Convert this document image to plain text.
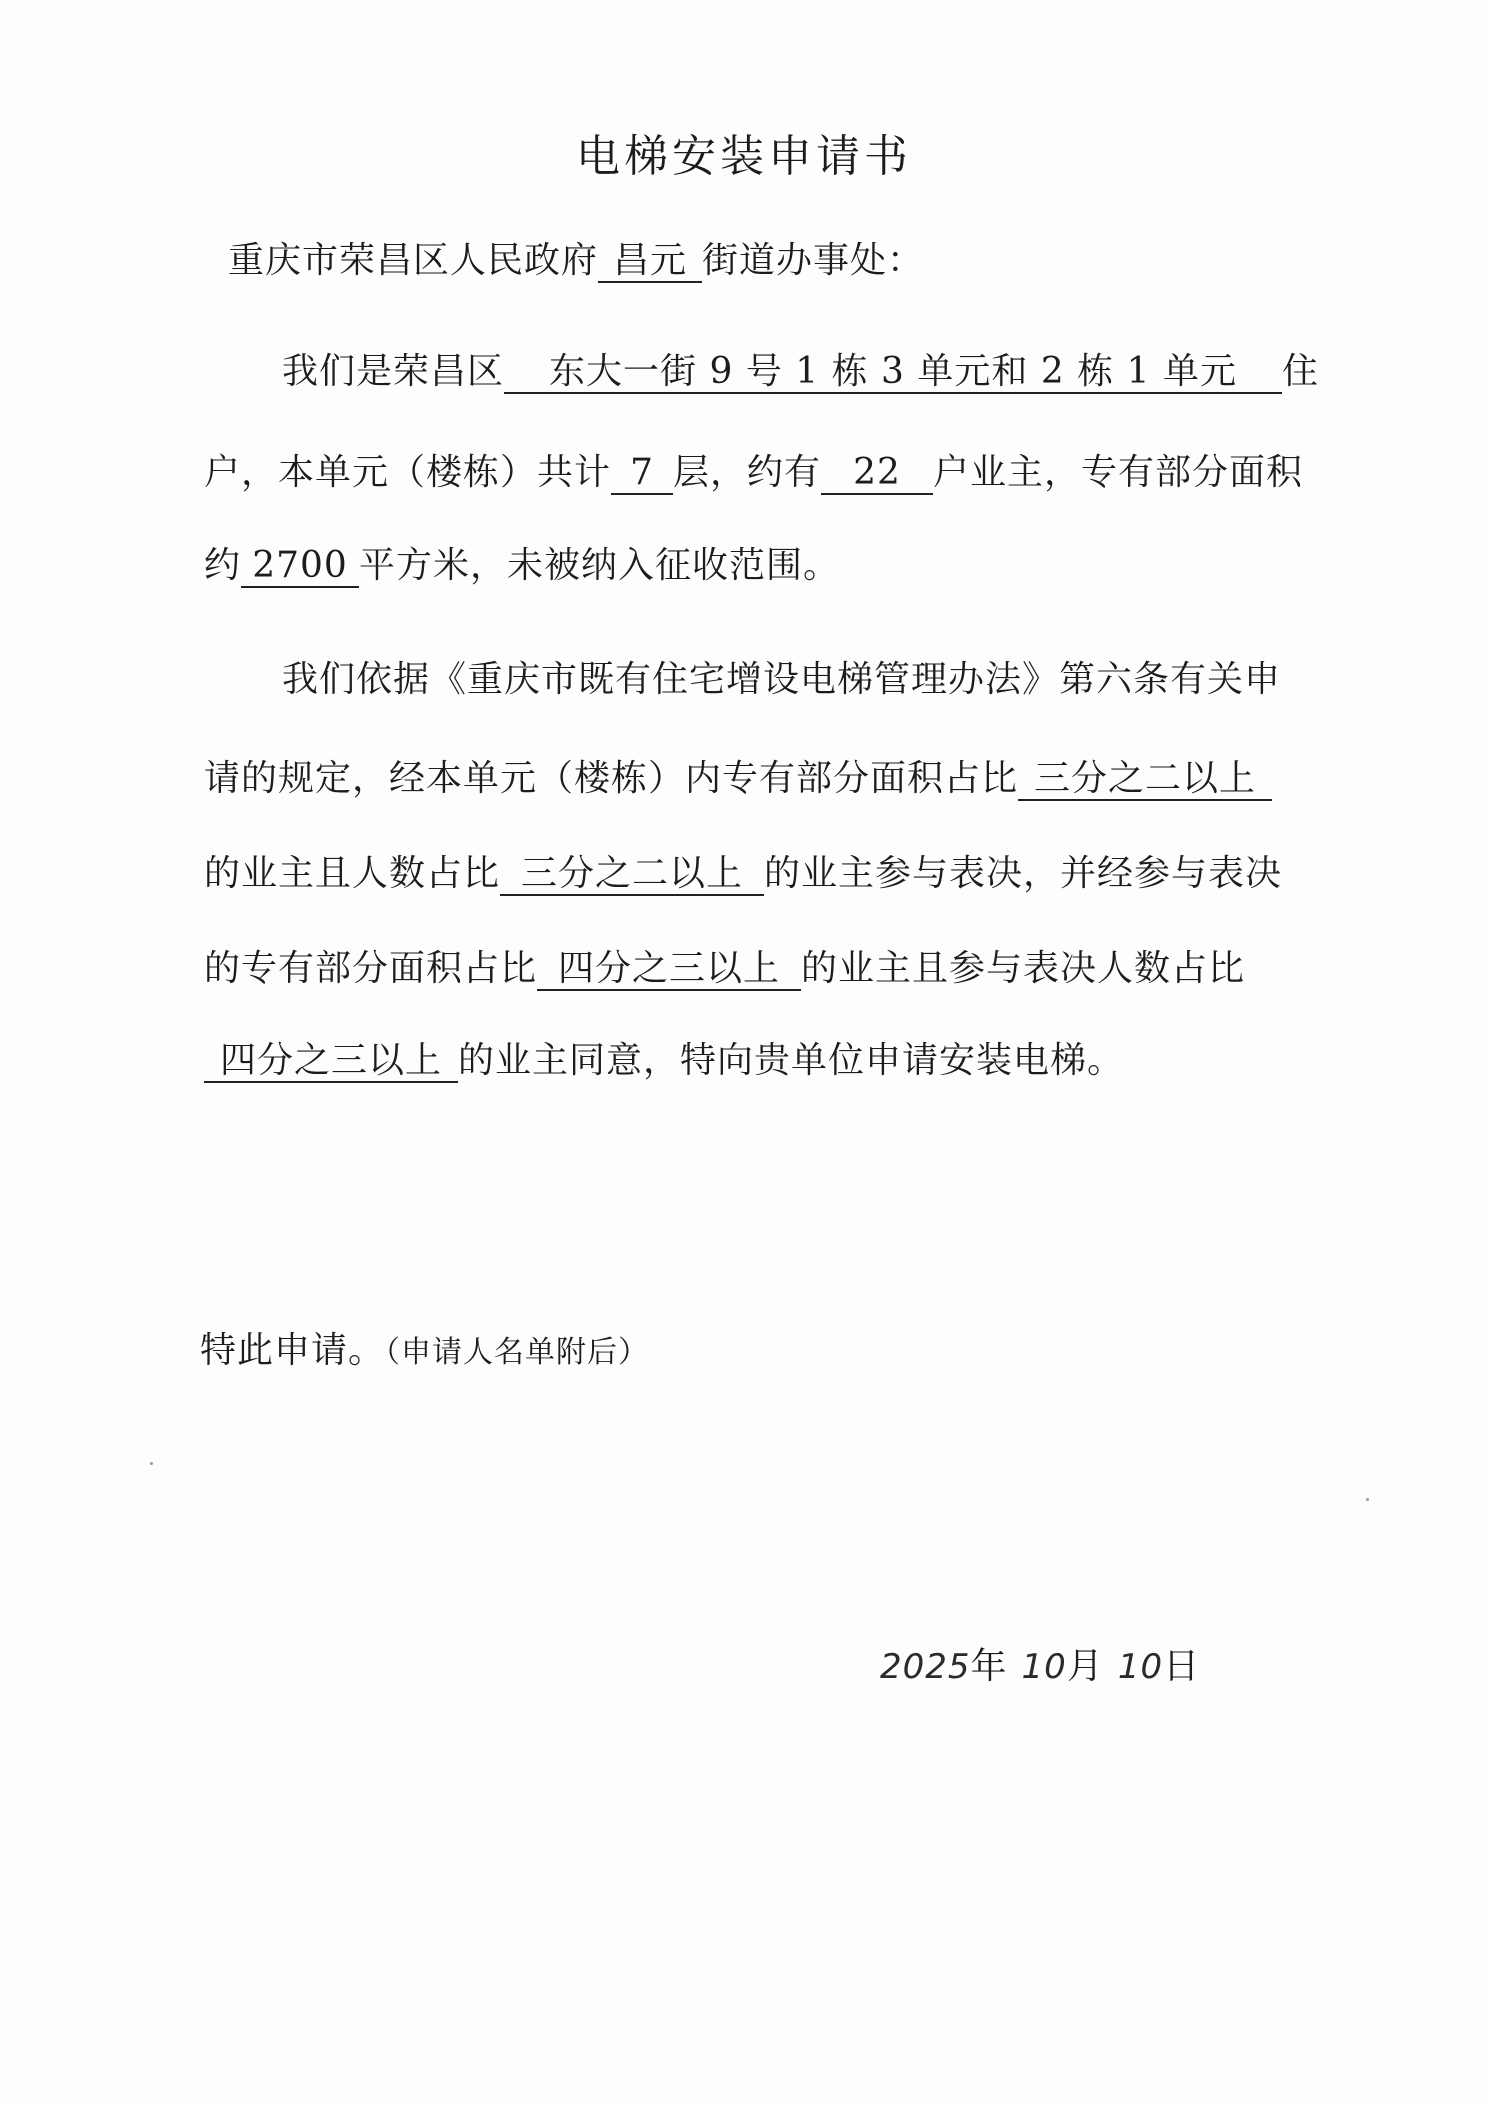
电梯安装申请书
重庆市荣昌区人民政府 昌元 街道办事处：
我们是荣昌区 东大一街 9 号 1 栋 3 单元和 2 栋 1 单元 住
户，本单元（楼栋）共计 7 层，约有 22 户业主，专有部分面积
约 2700 平方米，未被纳入征收范围。
我们依据《重庆市既有住宅增设电梯管理办法》第六条有关申
请的规定，经本单元（楼栋）内专有部分面积占比 三分之二以上
的业主且人数占比 三分之二以上 的业主参与表决，并经参与表决
的专有部分面积占比 四分之三以上 的业主且参与表决人数占比
四分之三以上 的业主同意，特向贵单位申请安装电梯。
特此申请。（申请人名单附后）
2025年 10月 10日
